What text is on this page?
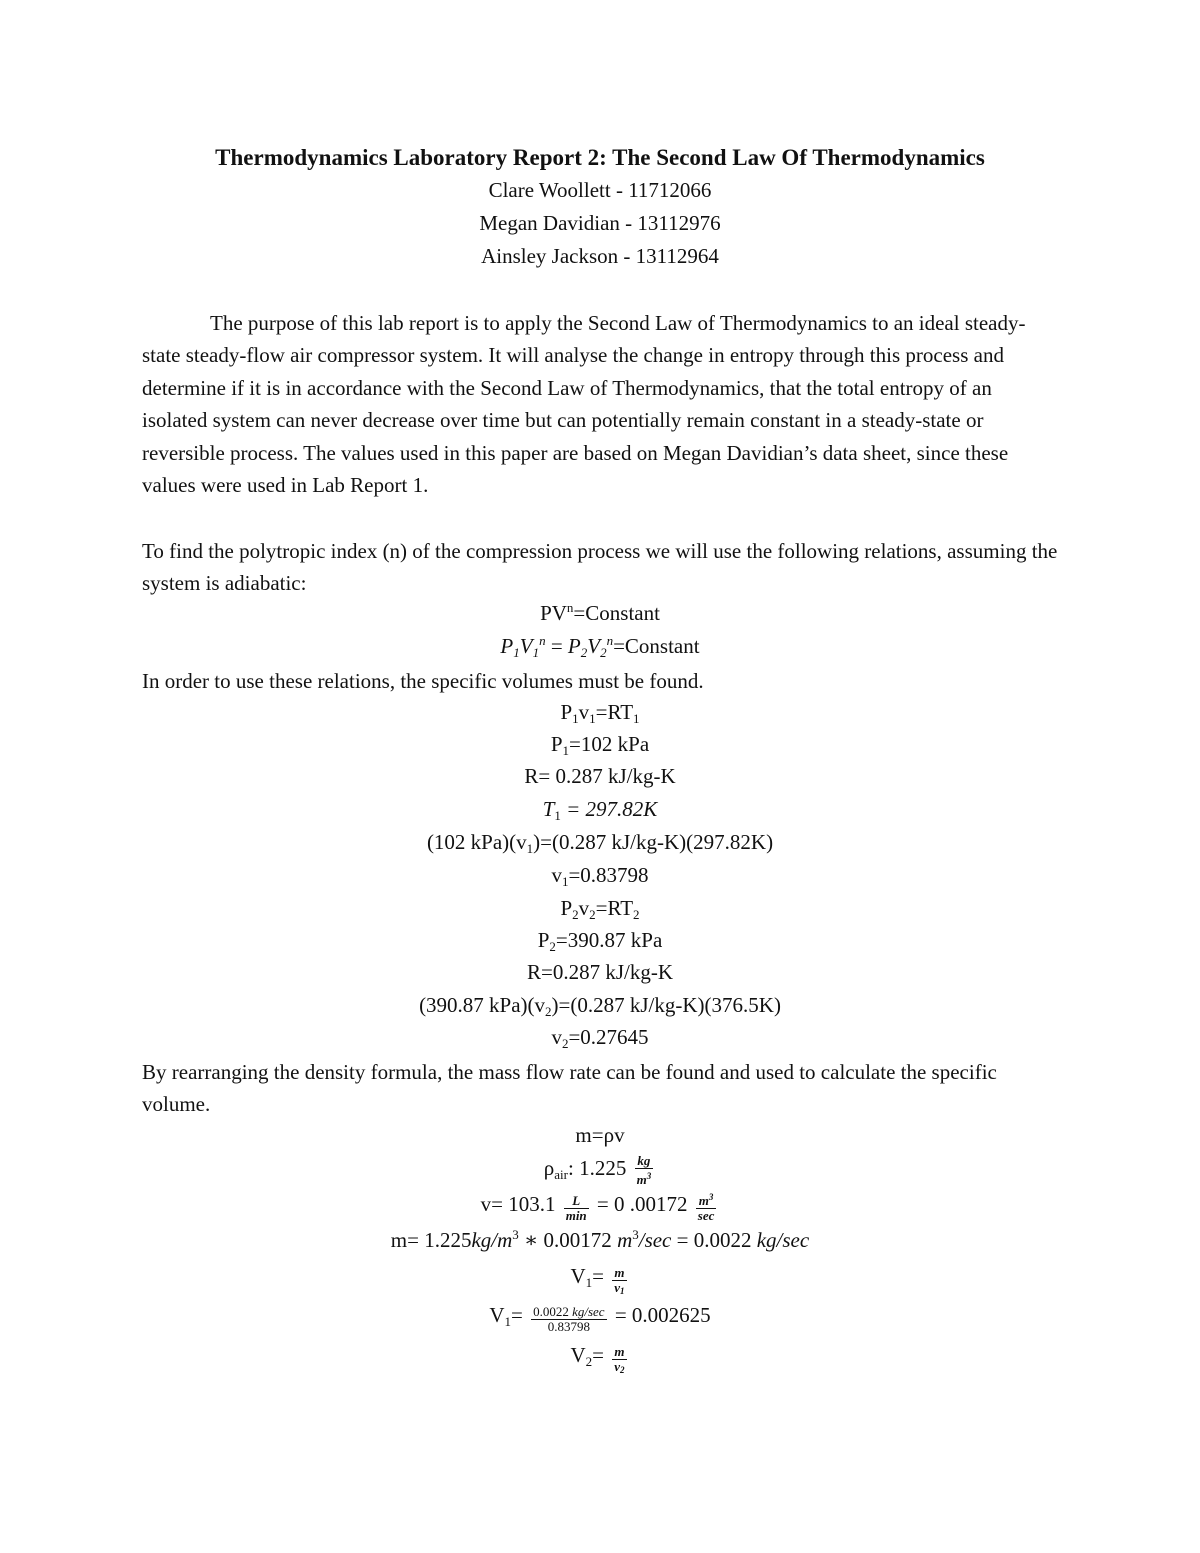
Thermodynamics Laboratory Report 2: The Second Law Of Thermodynamics
Clare Woollett - 11712066
Megan Davidian - 13112976
Ainsley Jackson - 13112964
The purpose of this lab report is to apply the Second Law of Thermodynamics to an ideal steady-state steady-flow air compressor system. It will analyse the change in entropy through this process and determine if it is in accordance with the Second Law of Thermodynamics, that the total entropy of an isolated system can never decrease over time but can potentially remain constant in a steady-state or reversible process. The values used in this paper are based on Megan Davidian’s data sheet, since these values were used in Lab Report 1.
To find the polytropic index (n) of the compression process we will use the following relations, assuming the system is adiabatic:
$PV^n=Constant$
$P_1V_1^n$ = $P_2V_2^n=Constant$
In order to use these relations, the specific volumes must be found.
$P_1v_1=RT_1$
$P_1=102$ kPa
R= 0.287 kJ/kg-K
$T_1 = 297.82K$
(102 $kPa)(v_1)=(0.287$ kJ/kg-K)(297.82K)
$v_1=0.83798$
$P_2v_2=RT_2$
$P_2=390.87$ kPa
R=0.287 kJ/kg-K
(390.87 $kPa)(v_2)=(0.287$ kJ/kg-K)(376.5K)
$v_2=0.27645$
By rearranging the density formula, the mass flow rate can be found and used to calculate the specific volume.
m=ρv
$\rho_{air}$: $1.225 \frac{kg}{m^3}$
$v= 103.1 \frac{L}{\min} = 0$ $.00172 \frac{m^3}{\sec}$
$m= 1.225kg/m^3$ ∗ 0.00172 $m^3/\sec = 0.0022$ kg/sec
$V_1= \frac{m}{v_1}$
$V_1= \frac{0.0022 kg/\sec}{0.83798} = 0.002625$
$V_2= \frac{m}{v_2}$
